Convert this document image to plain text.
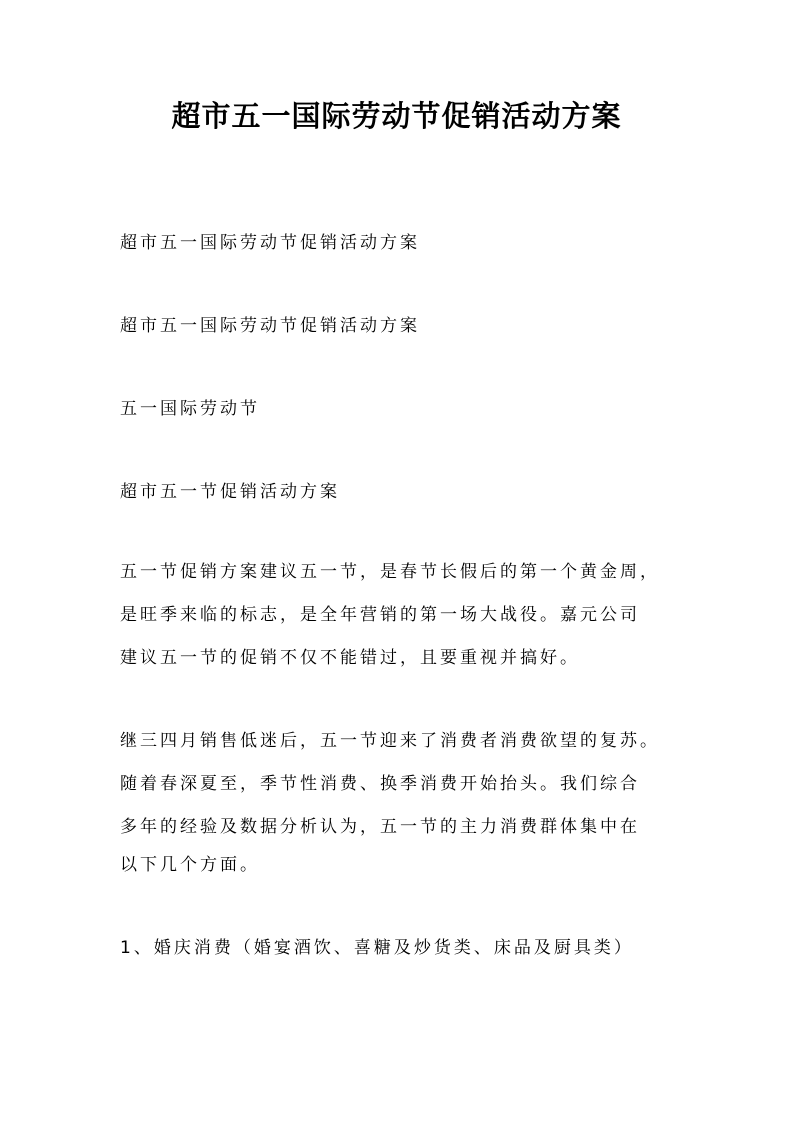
超市五一国际劳动节促销活动方案

超市五一国际劳动节促销活动方案

超市五一国际劳动节促销活动方案

五一国际劳动节

超市五一节促销活动方案

五一节促销方案建议五一节，是春节长假后的第一个黄金周，

是旺季来临的标志，是全年营销的第一场大战役。嘉元公司

建议五一节的促销不仅不能错过，且要重视并搞好。

继三四月销售低迷后，五一节迎来了消费者消费欲望的复苏。

随着春深夏至，季节性消费、换季消费开始抬头。我们综合

多年的经验及数据分析认为，五一节的主力消费群体集中在

以下几个方面。

1、婚庆消费（婚宴酒饮、喜糖及炒货类、床品及厨具类）
